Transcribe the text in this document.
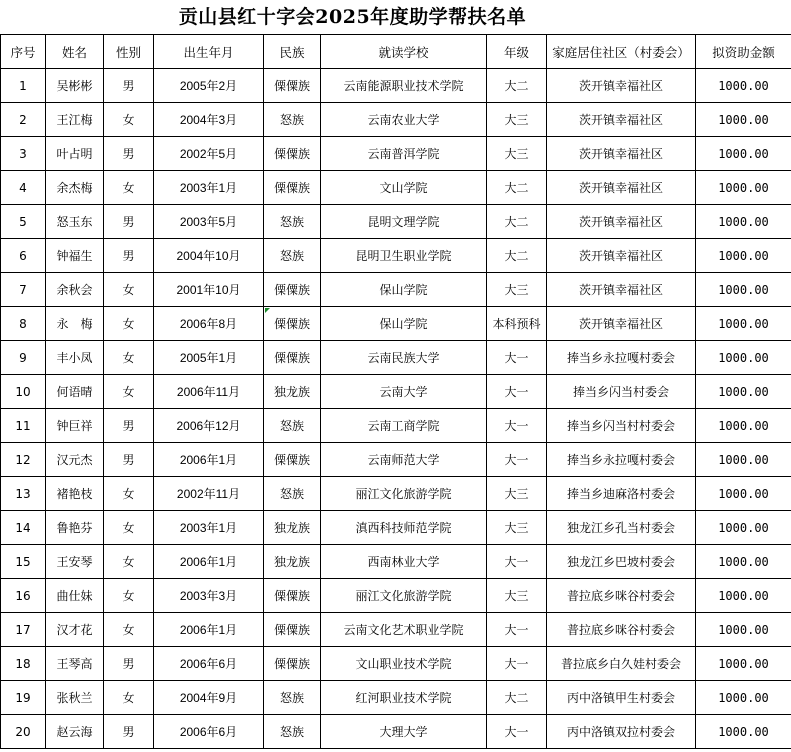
贡山县红十字会2025年度助学帮扶名单
序号	姓名	性别	出生年月	民族	就读学校	年级	家庭居住社区（村委会）	拟资助金额
1	吴彬彬	男	2005年2月	傈僳族	云南能源职业技术学院	大二	茨开镇幸福社区	1000.00
2	王江梅	女	2004年3月	怒族	云南农业大学	大三	茨开镇幸福社区	1000.00
3	叶占明	男	2002年5月	傈僳族	云南普洱学院	大三	茨开镇幸福社区	1000.00
4	余杰梅	女	2003年1月	傈僳族	文山学院	大二	茨开镇幸福社区	1000.00
5	怒玉东	男	2003年5月	怒族	昆明文理学院	大二	茨开镇幸福社区	1000.00
6	钟福生	男	2004年10月	怒族	昆明卫生职业学院	大二	茨开镇幸福社区	1000.00
7	余秋会	女	2001年10月	傈僳族	保山学院	大三	茨开镇幸福社区	1000.00
8	永　梅	女	2006年8月	傈僳族	保山学院	本科预科	茨开镇幸福社区	1000.00
9	丰小凤	女	2005年1月	傈僳族	云南民族大学	大一	捧当乡永拉嘎村委会	1000.00
10	何语晴	女	2006年11月	独龙族	云南大学	大一	捧当乡闪当村委会	1000.00
11	钟巨祥	男	2006年12月	怒族	云南工商学院	大一	捧当乡闪当村村委会	1000.00
12	汉元杰	男	2006年1月	傈僳族	云南师范大学	大一	捧当乡永拉嘎村委会	1000.00
13	褚艳枝	女	2002年11月	怒族	丽江文化旅游学院	大三	捧当乡迪麻洛村委会	1000.00
14	鲁艳芬	女	2003年1月	独龙族	滇西科技师范学院	大三	独龙江乡孔当村委会	1000.00
15	王安琴	女	2006年1月	独龙族	西南林业大学	大一	独龙江乡巴坡村委会	1000.00
16	曲仕妹	女	2003年3月	傈僳族	丽江文化旅游学院	大三	普拉底乡咪谷村委会	1000.00
17	汉才花	女	2006年1月	傈僳族	云南文化艺术职业学院	大一	普拉底乡咪谷村委会	1000.00
18	王琴高	男	2006年6月	傈僳族	文山职业技术学院	大一	普拉底乡白久娃村委会	1000.00
19	张秋兰	女	2004年9月	怒族	红河职业技术学院	大二	丙中洛镇甲生村委会	1000.00
20	赵云海	男	2006年6月	怒族	大理大学	大一	丙中洛镇双拉村委会	1000.00
